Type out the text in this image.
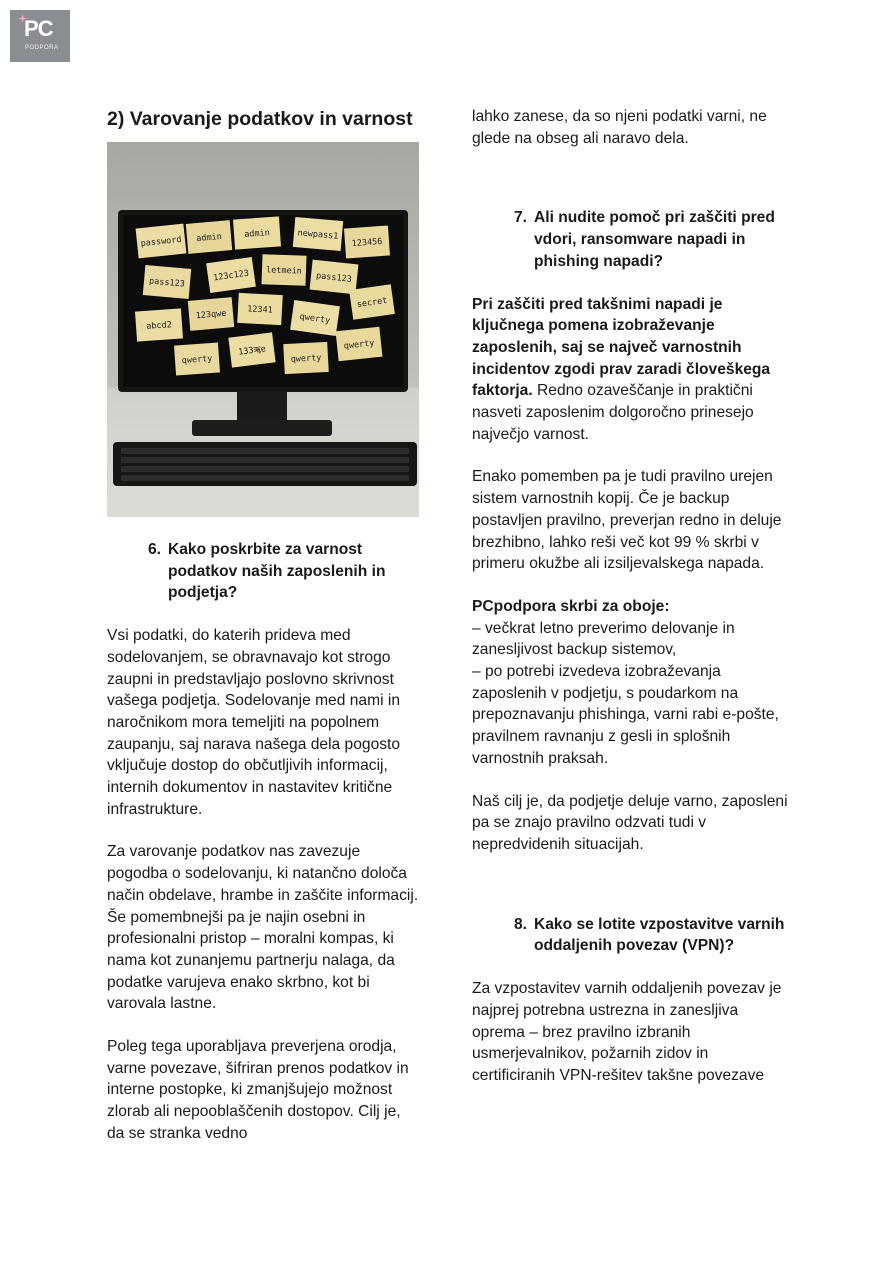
PC
PODPORA
2) Varovanje podatkov in varnost
password admin	admin	newpass1
123456
pass123	123c123 letmein
pass123
secret
abcd2
123qwe 12341
qwerty
qwerty
qwerty
133ॠe
qwerty
6. Kako poskrbite za varnost podatkov naših zaposlenih in podjetja?

Vsi podatki, do katerih prideva med sodelovanjem, se obravnavajo kot strogo zaupni in predstavljajo poslovno skrivnost vašega podjetja. Sodelovanje med nami in naročnikom mora temeljiti na popolnem zaupanju, saj narava našega dela pogosto vključuje dostop do občutljivih informacij, internih dokumentov in nastavitev kritične infrastrukture.

Za varovanje podatkov nas zavezuje pogodba o sodelovanju, ki natančno določa način obdelave, hrambe in zaščite informacij. Še pomembnejši pa je najin osebni in profesionalni pristop – moralni kompas, ki nama kot zunanjemu partnerju nalaga, da podatke varujeva enako skrbno, kot bi varovala lastne.

Poleg tega uporabljava preverjena orodja, varne povezave, šifriran prenos podatkov in interne postopke, ki zmanjšujejo možnost zlorab ali nepooblaščenih dostopov. Cilj je, da se stranka vedno

lahko zanese, da so njeni podatki varni, ne glede na obseg ali naravo dela.

7. Ali nudite pomoč pri zaščiti pred vdori, ransomware napadi in phishing napadi?

Pri zaščiti pred takšnimi napadi je ključnega pomena izobraževanje zaposlenih, saj se največ varnostnih incidentov zgodi prav zaradi človeškega faktorja. Redno ozaveščanje in praktični nasveti zaposlenim dolgoročno prinesejo največjo varnost.

Enako pomemben pa je tudi pravilno urejen sistem varnostnih kopij. Če je backup postavljen pravilno, preverjan redno in deluje brezhibno, lahko reši več kot 99 % skrbi v primeru okužbe ali izsiljevalskega napada.

PCpodpora skrbi za oboje:
– večkrat letno preverimo delovanje in zanesljivost backup sistemov,
– po potrebi izvedeva izobraževanja zaposlenih v podjetju, s poudarkom na prepoznavanju phishinga, varni rabi e-pošte, pravilnem ravnanju z gesli in splošnih varnostnih praksah.

Naš cilj je, da podjetje deluje varno, zaposleni pa se znajo pravilno odzvati tudi v nepredvidenih situacijah.

8. Kako se lotite vzpostavitve varnih oddaljenih povezav (VPN)?

Za vzpostavitev varnih oddaljenih povezav je najprej potrebna ustrezna in zanesljiva oprema – brez pravilno izbranih usmerjevalnikov, požarnih zidov in certificiranih VPN-rešitev takšne povezave
